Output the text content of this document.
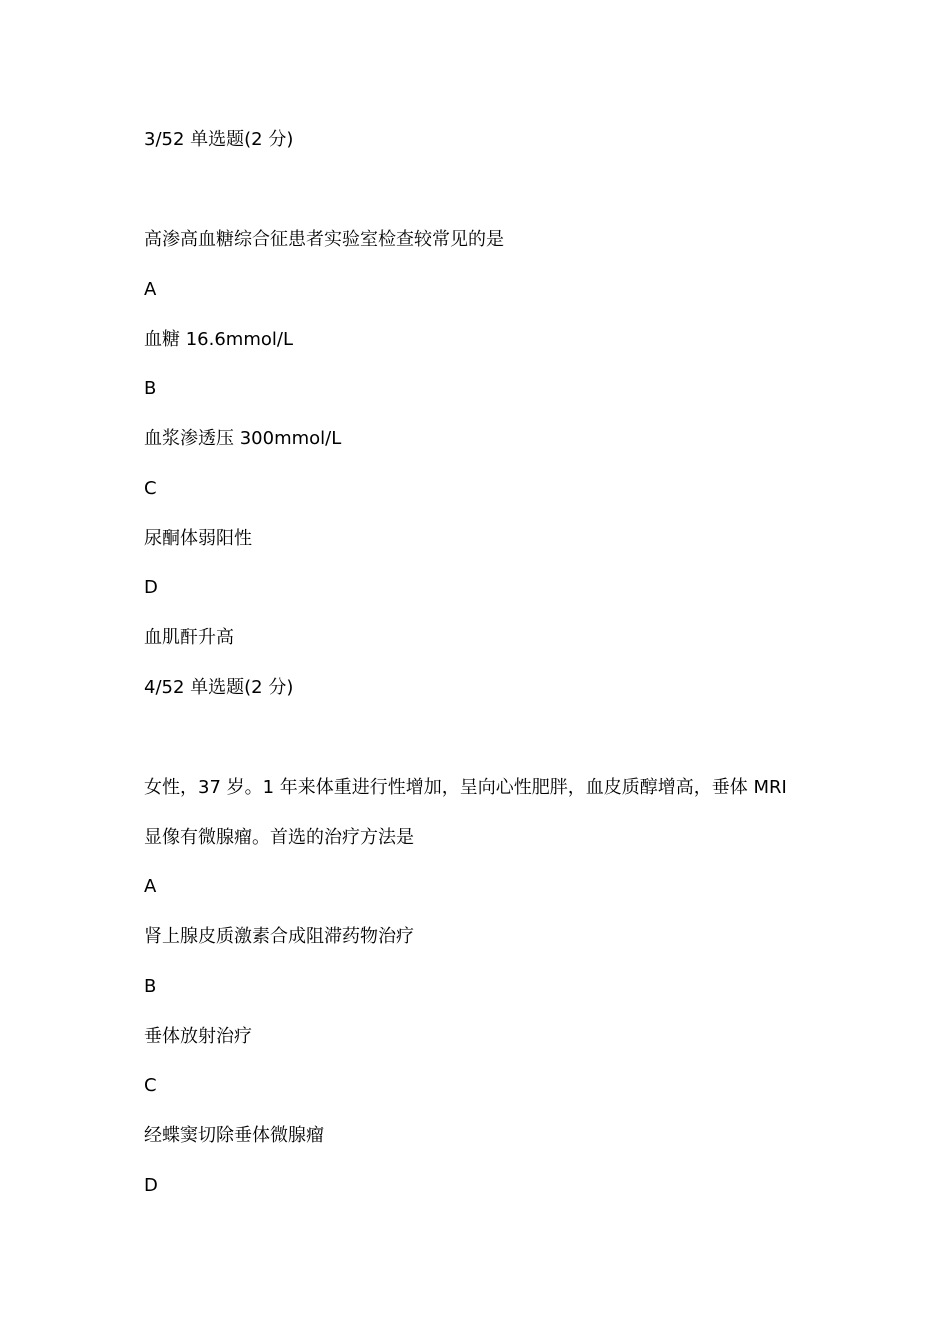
3/52 单选题(2 分)
高渗高血糖综合征患者实验室检查较常见的是
A
血糖 16.6mmol/L
B
血浆渗透压 300mmol/L
C
尿酮体弱阳性
D
血肌酐升高
4/52 单选题(2 分)
女性，37 岁。1 年来体重进行性增加，呈向心性肥胖，血皮质醇增高，垂体 MRI
显像有微腺瘤。首选的治疗方法是
A
肾上腺皮质激素合成阻滞药物治疗
B
垂体放射治疗
C
经蝶窦切除垂体微腺瘤
D
